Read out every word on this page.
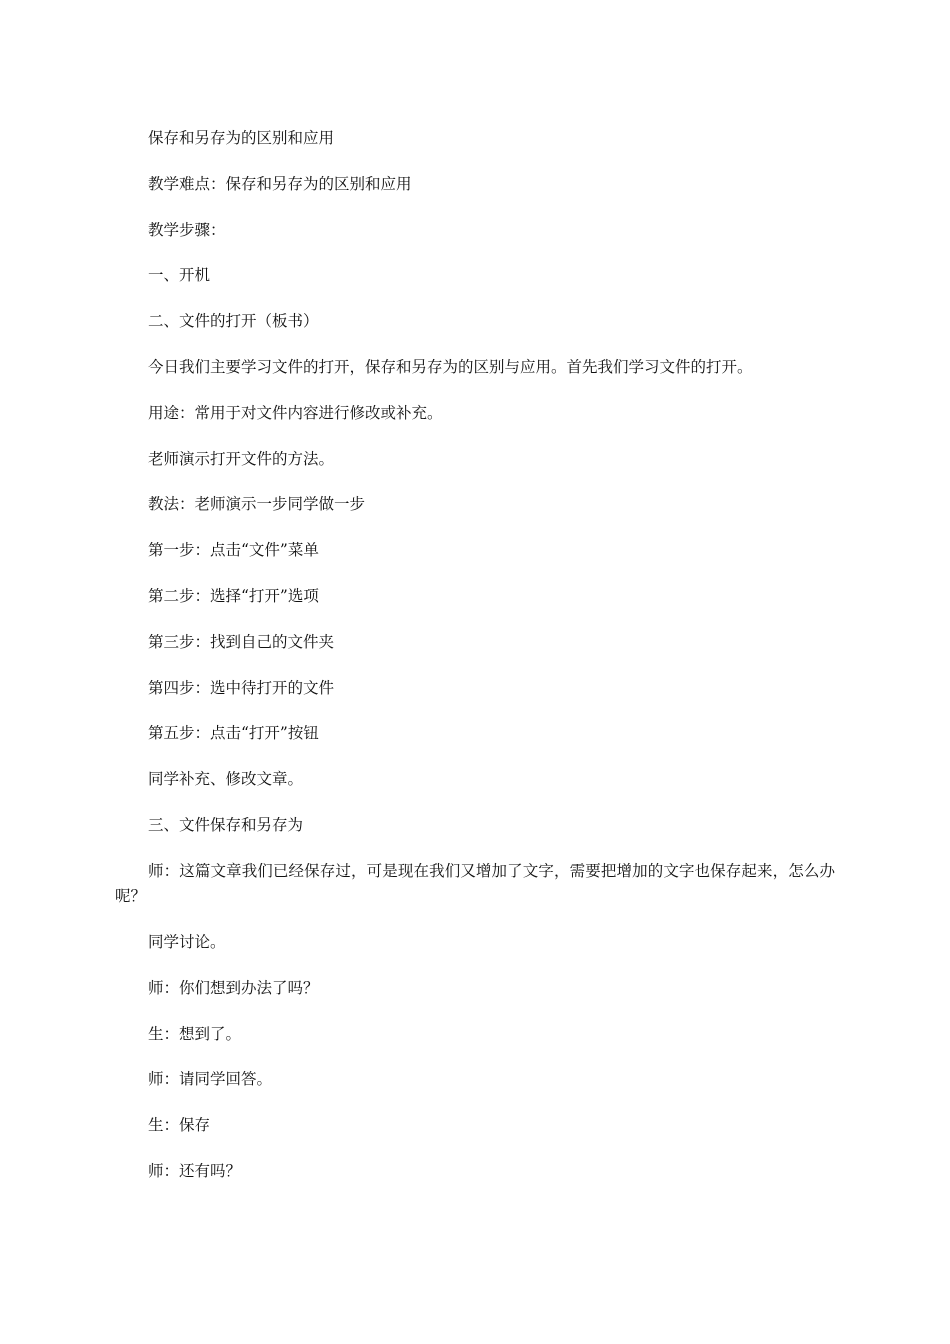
保存和另存为的区别和应用

教学难点：保存和另存为的区别和应用

教学步骤：

一、开机

二、文件的打开（板书）

今日我们主要学习文件的打开，保存和另存为的区别与应用。首先我们学习文件的打开。

用途：常用于对文件内容进行修改或补充。

老师演示打开文件的方法。

教法：老师演示一步同学做一步

第一步：点击“文件”菜单

第二步：选择“打开”选项

第三步：找到自己的文件夹

第四步：选中待打开的文件

第五步：点击“打开”按钮

同学补充、修改文章。

三、文件保存和另存为

师：这篇文章我们已经保存过，可是现在我们又增加了文字，需要把增加的文字也保存起来，怎么办呢？

同学讨论。

师：你们想到办法了吗？

生：想到了。

师：请同学回答。

生：保存

师：还有吗？
